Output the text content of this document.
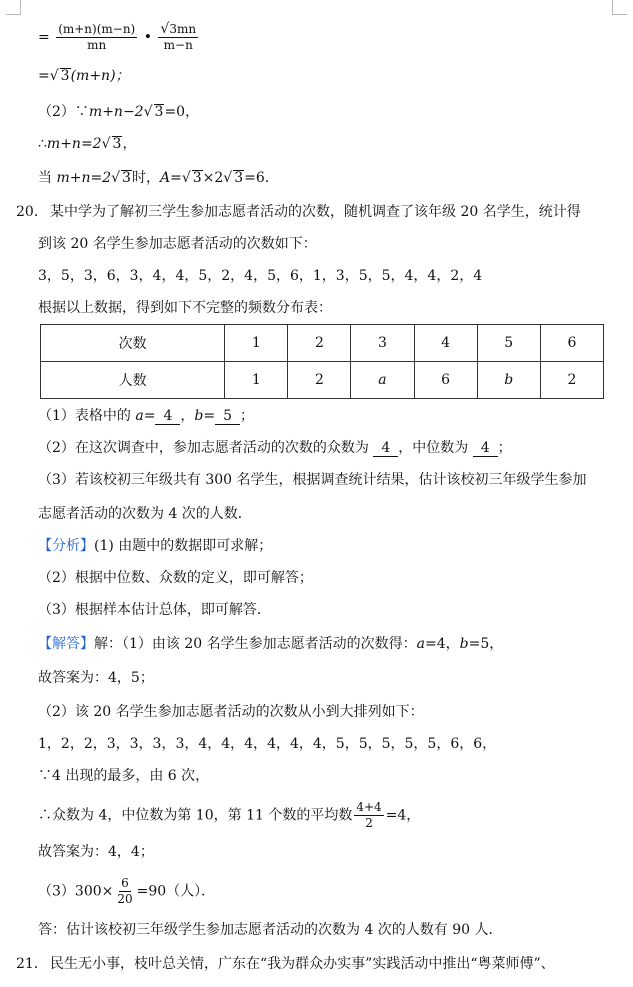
= $\frac{(m+n)(m-n)}{mn}$ • $\frac{√3mn}{m-n}$
=√ 3(m+n)；
（2）∵m+n−2√ 3=0，
∴m+n=2√ 3，
当 m+n=2√ 3时，A=√ 3×2√ 3=6.
20． 某中学为了解初三学生参加志愿者活动的次数，随机调查了该年级 20 名学生，统计得
到该 20 名学生参加志愿者活动的次数如下：
3，5，3，6，3，4，4，5，2，4，5，6，1，3，5，5，4，4，2，4
根据以上数据，得到如下不完整的频数分布表：
次数	1	2	3	4	5	6
人数	1	2	a	6	b	2
（1）表格中的 a= 4 ，b= 5 ；
（2）在这次调查中，参加志愿者活动的次数的众数为 4 ，中位数为 4 ；
（3）若该校初三年级共有 300 名学生，根据调查统计结果，估计该校初三年级学生参加
志愿者活动的次数为 4 次的人数．
【分析】(1) 由题中的数据即可求解；
（2）根据中位数、众数的定义，即可解答；
（3）根据样本估计总体，即可解答．
【解答】解：（1）由该 20 名学生参加志愿者活动的次数得：a=4，b=5，
故答案为：4，5；
（2）该 20 名学生参加志愿者活动的次数从小到大排列如下：
1，2，2，3，3，3，3，4，4，4，4，4，4，5，5，5，5，5，6，6，
∵4 出现的最多，由 6 次，
∴众数为 4，中位数为第 10，第 11 个数的平均数 $\frac{4+4}{2} =4$，
故答案为：4，4；
$(3)300\times \frac{6}{20} =90$（人）．
答：估计该校初三年级学生参加志愿者活动的次数为 4 次的人数有 90 人．
21． 民生无小事，枝叶总关情，广东在“我为群众办实事”实践活动中推出“粤菜师傅”、
